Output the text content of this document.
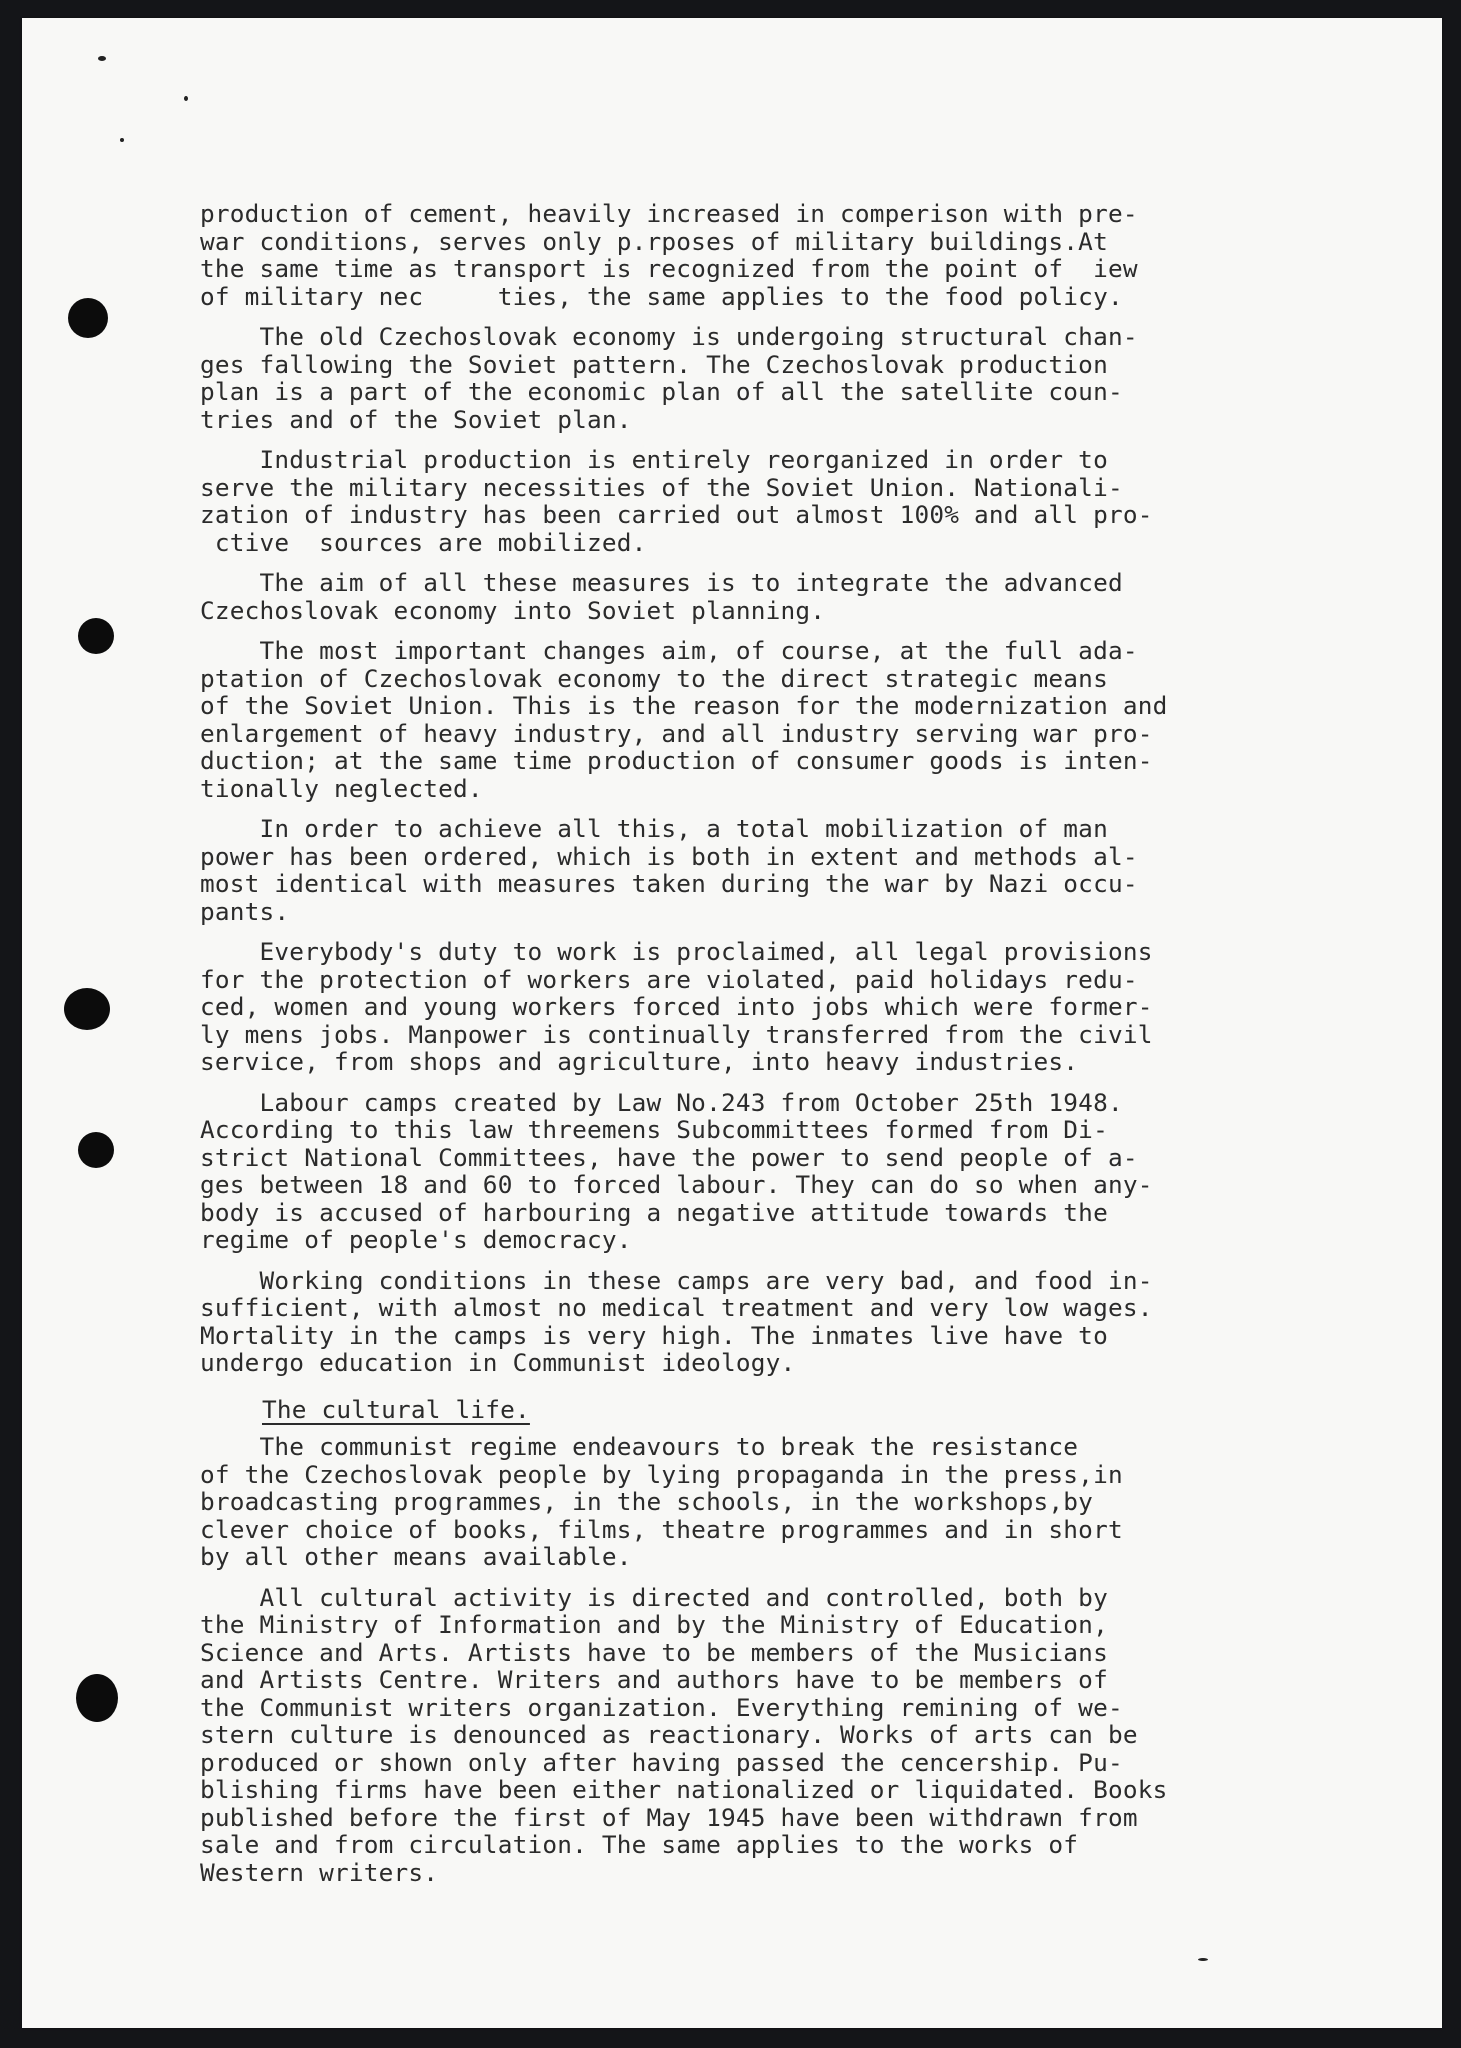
production of cement, heavily increased in comperison with pre-
war conditions, serves only p.rposes of military buildings.At
the same time as transport is recognized from the point of  iew
of military nec     ties, the same applies to the food policy.
The old Czechoslovak economy is undergoing structural chan-
ges fallowing the Soviet pattern. The Czechoslovak production
plan is a part of the economic plan of all the satellite coun-
tries and of the Soviet plan.
Industrial production is entirely reorganized in order to
serve the military necessities of the Soviet Union. Nationali-
zation of industry has been carried out almost 100% and all pro-
ctive  sources are mobilized.
The aim of all these measures is to integrate the advanced
Czechoslovak economy into Soviet planning.
The most important changes aim, of course, at the full ada-
ptation of Czechoslovak economy to the direct strategic means
of the Soviet Union. This is the reason for the modernization and
enlargement of heavy industry, and all industry serving war pro-
duction; at the same time production of consumer goods is inten-
tionally neglected.
In order to achieve all this, a total mobilization of man
power has been ordered, which is both in extent and methods al-
most identical with measures taken during the war by Nazi occu-
pants.
Everybody's duty to work is proclaimed, all legal provisions
for the protection of workers are violated, paid holidays redu-
ced, women and young workers forced into jobs which were former-
ly mens jobs. Manpower is continually transferred from the civil
service, from shops and agriculture, into heavy industries.
Labour camps created by Law No.243 from October 25th 1948.
According to this law threemens Subcommittees formed from Di-
strict National Committees, have the power to send people of a-
ges between 18 and 60 to forced labour. They can do so when any-
body is accused of harbouring a negative attitude towards the
regime of people's democracy.
Working conditions in these camps are very bad, and food in-
sufficient, with almost no medical treatment and very low wages.
Mortality in the camps is very high. The inmates live have to
undergo education in Communist ideology.
The cultural life.
The communist regime endeavours to break the resistance
of the Czechoslovak people by lying propaganda in the press,in
broadcasting programmes, in the schools, in the workshops,by
clever choice of books, films, theatre programmes and in short
by all other means available.
All cultural activity is directed and controlled, both by
the Ministry of Information and by the Ministry of Education,
Science and Arts. Artists have to be members of the Musicians
and Artists Centre. Writers and authors have to be members of
the Communist writers organization. Everything remining of we-
stern culture is denounced as reactionary. Works of arts can be
produced or shown only after having passed the cencership. Pu-
blishing firms have been either nationalized or liquidated. Books
published before the first of May 1945 have been withdrawn from
sale and from circulation. The same applies to the works of
Western writers.
